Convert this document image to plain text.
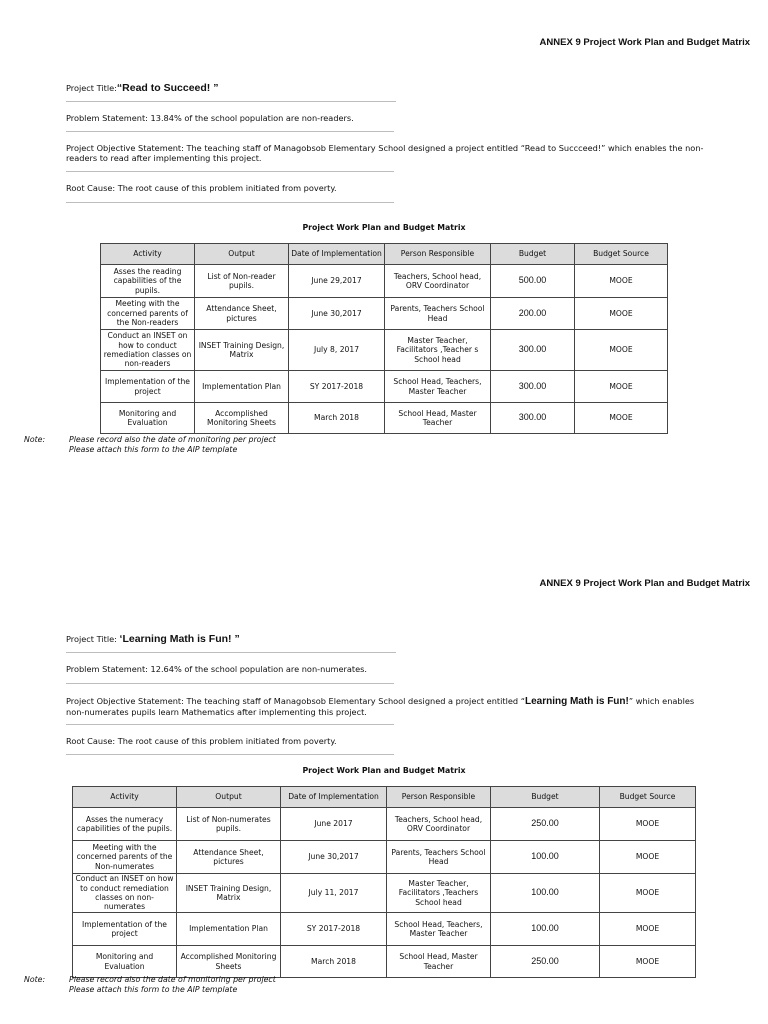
ANNEX 9 Project Work Plan and Budget Matrix
Project Title:“Read to Succeed! ”
Problem Statement: 13.84% of the school population are non-readers.
Project Objective Statement: The teaching staff of Managobsob Elementary School designed a project entitled “Read to Succceed!” which enables the non-readers to read after implementing this project.
Root Cause: The root cause of this problem initiated from poverty.
Project Work Plan and Budget Matrix
Activity	Output	Date of Implementation	Person Responsible	Budget	Budget Source
Asses the reading capabilities of the pupils.	List of Non-reader pupils.	June 29,2017	Teachers, School head, ORV Coordinator	500.00	MOOE
Meeting with the concerned parents of the Non-readers	Attendance Sheet, pictures	June 30,2017	Parents, Teachers School Head	200.00	MOOE
Conduct an INSET on how to conduct remediation classes on non-readers	INSET Training Design, Matrix	July 8, 2017	Master Teacher, Facilitators ,Teacher s School head	300.00	MOOE
Implementation of the project	Implementation Plan	SY 2017-2018	School Head, Teachers, Master Teacher	300.00	MOOE
Monitoring and Evaluation	Accomplished Monitoring Sheets	March 2018	School Head, Master Teacher	300.00	MOOE
Note:	Please record also the date of monitoring per project
Please attach this form to the AIP template
ANNEX 9 Project Work Plan and Budget Matrix
Project Title: ‘Learning Math is Fun! ”
Problem Statement: 12.64% of the school population are non-numerates.
Project Objective Statement: The teaching staff of Managobsob Elementary School designed a project entitled “Learning Math is Fun!” which enables non-numerates pupils learn Mathematics after implementing this project.
Root Cause: The root cause of this problem initiated from poverty.
Project Work Plan and Budget Matrix
Activity	Output	Date of Implementation	Person Responsible	Budget	Budget Source
Asses the numeracy capabilities of the pupils.	List of Non-numerates pupils.	June 2017	Teachers, School head, ORV Coordinator	250.00	MOOE
Meeting with the concerned parents of the Non-numerates	Attendance Sheet, pictures	June 30,2017	Parents, Teachers School Head	100.00	MOOE
Conduct an INSET on how to conduct remediation classes on non-numerates	INSET Training Design, Matrix	July 11, 2017	Master Teacher, Facilitators ,Teachers School head	100.00	MOOE
Implementation of the project	Implementation Plan	SY 2017-2018	School Head, Teachers, Master Teacher	100.00	MOOE
Monitoring and Evaluation	Accomplished Monitoring Sheets	March 2018	School Head, Master Teacher	250.00	MOOE
Note:	Please record also the date of monitoring per project
Please attach this form to the AIP template
